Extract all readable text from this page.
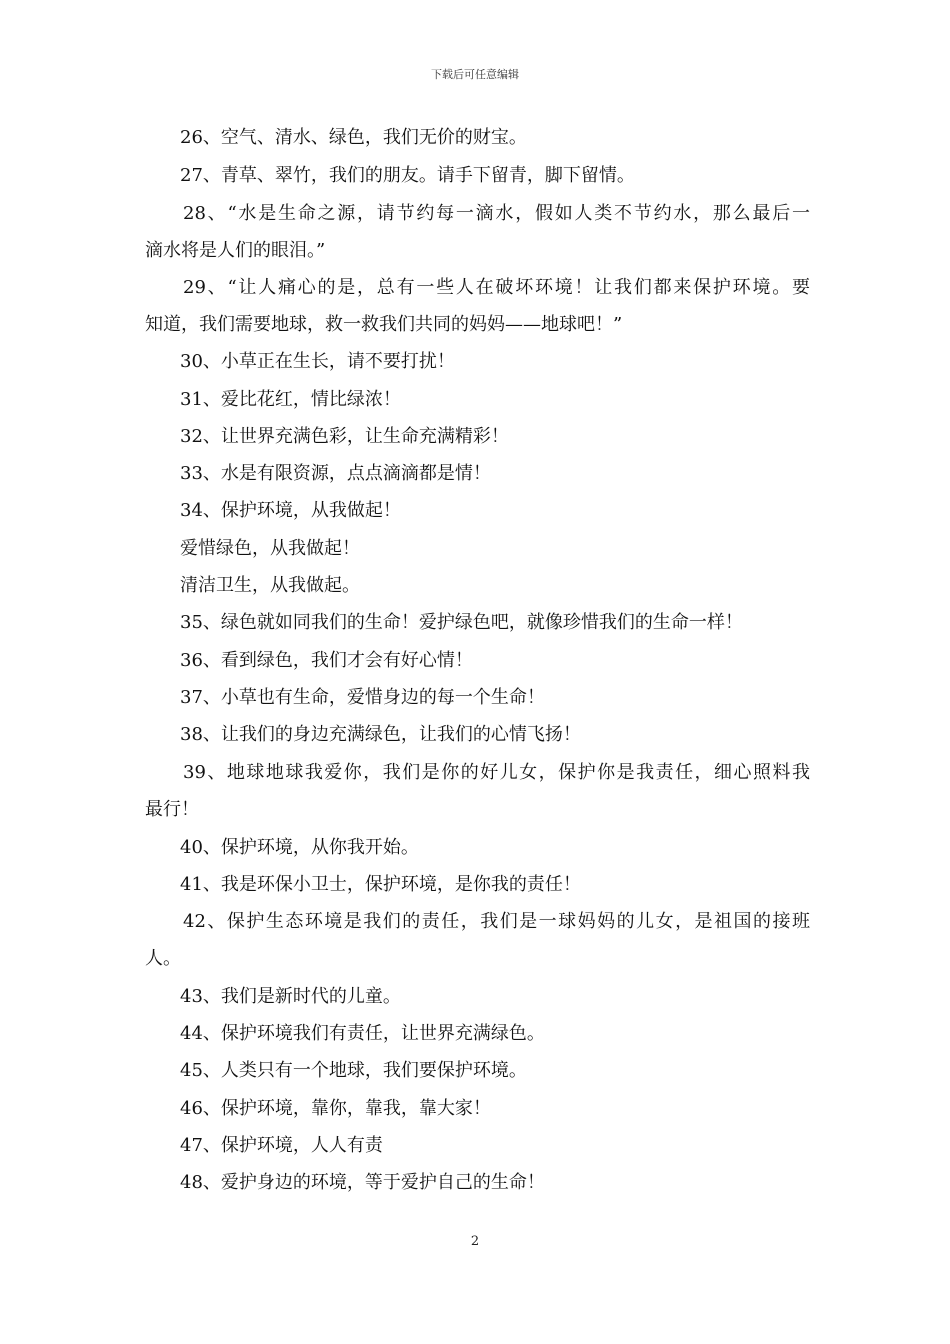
下载后可任意编辑
26、空气、清水、绿色，我们无价的财宝。
27、青草、翠竹，我们的朋友。请手下留青，脚下留情。
28、“水是生命之源，请节约每一滴水，假如人类不节约水，那么最后一
滴水将是人们的眼泪。”
29、“让人痛心的是，总有一些人在破坏环境！让我们都来保护环境。要
知道，我们需要地球，救一救我们共同的妈妈——地球吧！”
30、小草正在生长，请不要打扰！
31、爱比花红，情比绿浓！
32、让世界充满色彩，让生命充满精彩！
33、水是有限资源，点点滴滴都是情！
34、保护环境，从我做起！
爱惜绿色，从我做起！
清洁卫生，从我做起。
35、绿色就如同我们的生命！爱护绿色吧，就像珍惜我们的生命一样！
36、看到绿色，我们才会有好心情！
37、小草也有生命，爱惜身边的每一个生命！
38、让我们的身边充满绿色，让我们的心情飞扬！
39、地球地球我爱你，我们是你的好儿女，保护你是我责任，细心照料我
最行！
40、保护环境，从你我开始。
41、我是环保小卫士，保护环境，是你我的责任！
42、保护生态环境是我们的责任，我们是一球妈妈的儿女，是祖国的接班
人。
43、我们是新时代的儿童。
44、保护环境我们有责任，让世界充满绿色。
45、人类只有一个地球，我们要保护环境。
46、保护环境，靠你，靠我，靠大家！
47、保护环境，人人有责
48、爱护身边的环境，等于爱护自己的生命！
2
